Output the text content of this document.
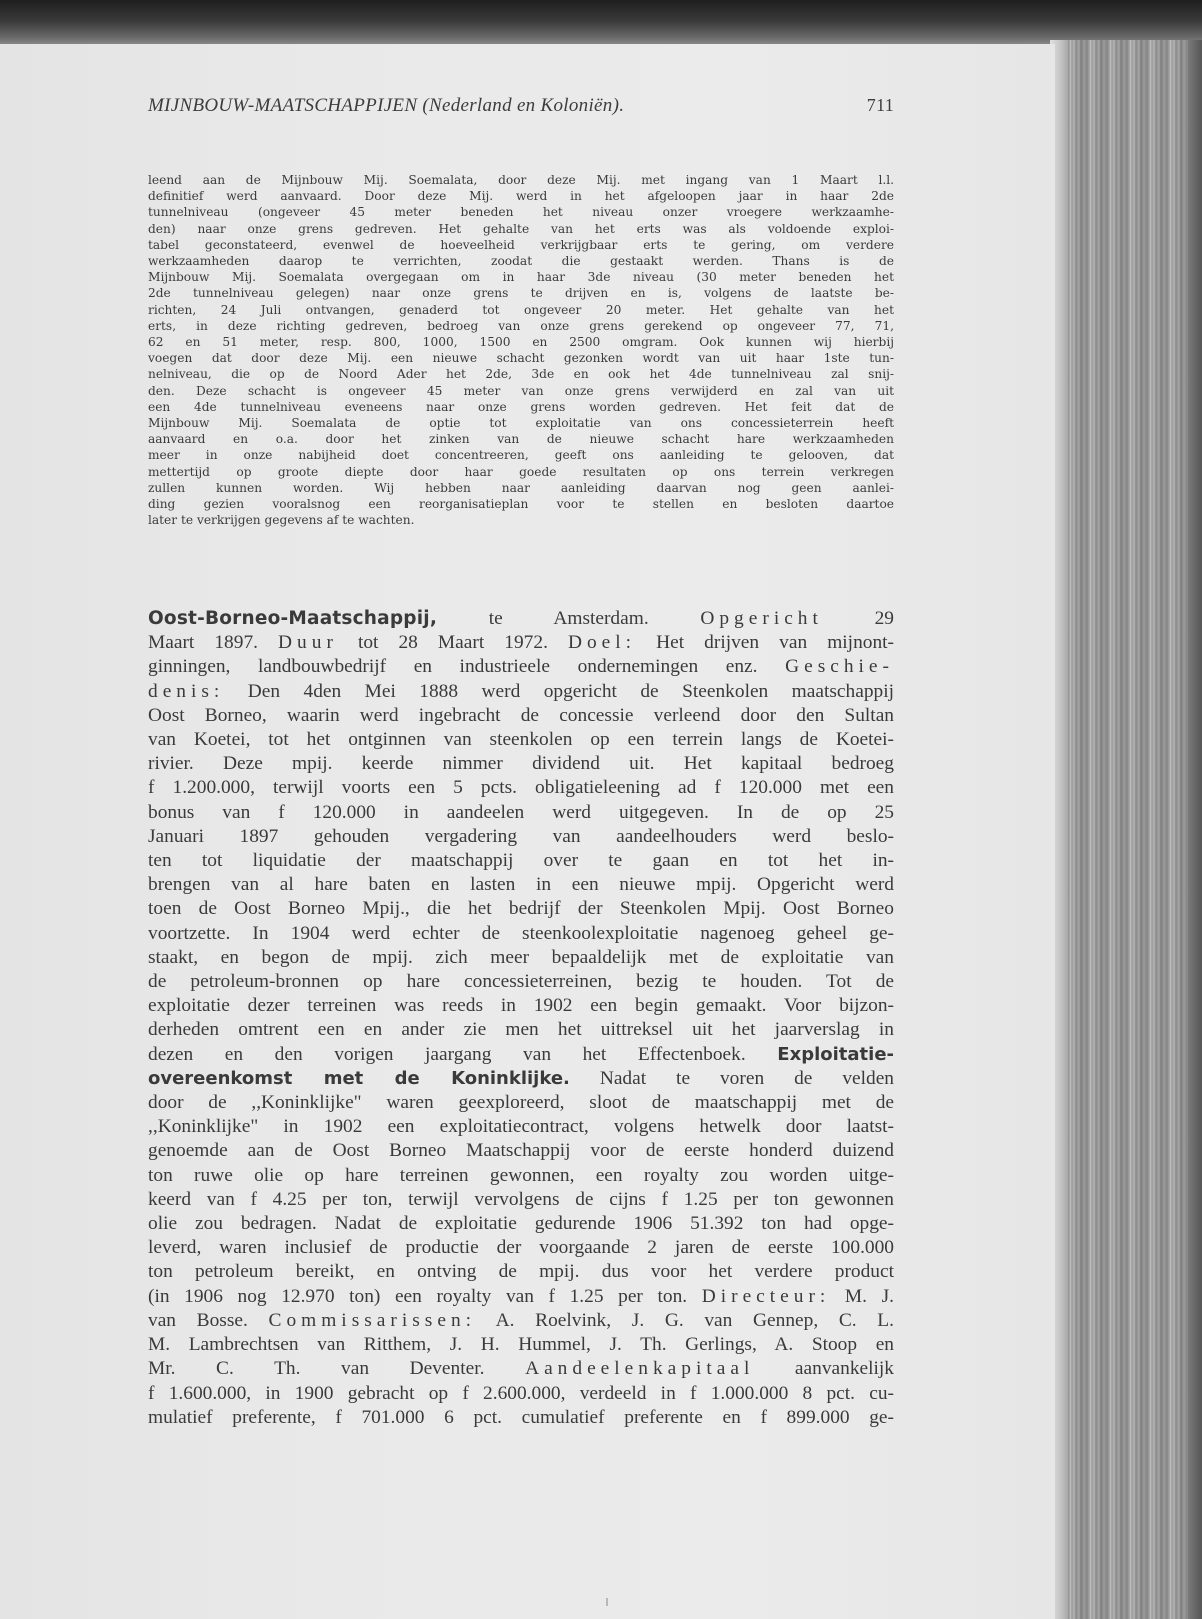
MIJNBOUW-MAATSCHAPPIJEN (Nederland en Koloniën).	711
leend aan de Mijnbouw Mij. Soemalata, door deze Mij. met ingang van 1 Maart l.l.
definitief werd aanvaard. Door deze Mij. werd in het afgeloopen jaar in haar 2de
tunnelniveau (ongeveer 45 meter beneden het niveau onzer vroegere werkzaamhe-
den) naar onze grens gedreven. Het gehalte van het erts was als voldoende exploi-
tabel geconstateerd, evenwel de hoeveelheid verkrijgbaar erts te gering, om verdere
werkzaamheden daarop te verrichten, zoodat die gestaakt werden. Thans is de
Mijnbouw Mij. Soemalata overgegaan om in haar 3de niveau (30 meter beneden het
2de tunnelniveau gelegen) naar onze grens te drijven en is, volgens de laatste be-
richten, 24 Juli ontvangen, genaderd tot ongeveer 20 meter. Het gehalte van het
erts, in deze richting gedreven, bedroeg van onze grens gerekend op ongeveer 77, 71,
62 en 51 meter, resp. 800, 1000, 1500 en 2500 omgram. Ook kunnen wij hierbij
voegen dat door deze Mij. een nieuwe schacht gezonken wordt van uit haar 1ste tun-
nelniveau, die op de Noord Ader het 2de, 3de en ook het 4de tunnelniveau zal snij-
den. Deze schacht is ongeveer 45 meter van onze grens verwijderd en zal van uit
een 4de tunnelniveau eveneens naar onze grens worden gedreven. Het feit dat de
Mijnbouw Mij. Soemalata de optie tot exploitatie van ons concessieterrein heeft
aanvaard en o.a. door het zinken van de nieuwe schacht hare werkzaamheden
meer in onze nabijheid doet concentreeren, geeft ons aanleiding te gelooven, dat
mettertijd op groote diepte door haar goede resultaten op ons terrein verkregen
zullen kunnen worden. Wij hebben naar aanleiding daarvan nog geen aanlei-
ding gezien vooralsnog een reorganisatieplan voor te stellen en besloten daartoe
later te verkrijgen gegevens af te wachten.
Oost-Borneo-Maatschappij, te Amsterdam. Opgericht 29
Maart 1897. Duur tot 28 Maart 1972. Doel: Het drijven van mijnont-
ginningen, landbouwbedrijf en industrieele ondernemingen enz. Geschie-
denis: Den 4den Mei 1888 werd opgericht de Steenkolen maatschappij
Oost Borneo, waarin werd ingebracht de concessie verleend door den Sultan
van Koetei, tot het ontginnen van steenkolen op een terrein langs de Koetei-
rivier. Deze mpij. keerde nimmer dividend uit. Het kapitaal bedroeg
f 1.200.000, terwijl voorts een 5 pcts. obligatieleening ad f 120.000 met een
bonus van f 120.000 in aandeelen werd uitgegeven. In de op 25
Januari 1897 gehouden vergadering van aandeelhouders werd beslo-
ten tot liquidatie der maatschappij over te gaan en tot het in-
brengen van al hare baten en lasten in een nieuwe mpij. Opgericht werd
toen de Oost Borneo Mpij., die het bedrijf der Steenkolen Mpij. Oost Borneo
voortzette. In 1904 werd echter de steenkoolexploitatie nagenoeg geheel ge-
staakt, en begon de mpij. zich meer bepaaldelijk met de exploitatie van
de petroleum-bronnen op hare concessieterreinen, bezig te houden. Tot de
exploitatie dezer terreinen was reeds in 1902 een begin gemaakt. Voor bijzon-
derheden omtrent een en ander zie men het uittreksel uit het jaarverslag in
dezen en den vorigen jaargang van het Effectenboek. Exploitatie-
overeenkomst met de Koninklijke. Nadat te voren de velden
door de ,,Koninklijke" waren geexploreerd, sloot de maatschappij met de
,,Koninklijke" in 1902 een exploitatiecontract, volgens hetwelk door laatst-
genoemde aan de Oost Borneo Maatschappij voor de eerste honderd duizend
ton ruwe olie op hare terreinen gewonnen, een royalty zou worden uitge-
keerd van f 4.25 per ton, terwijl vervolgens de cijns f 1.25 per ton gewonnen
olie zou bedragen. Nadat de exploitatie gedurende 1906 51.392 ton had opge-
leverd, waren inclusief de productie der voorgaande 2 jaren de eerste 100.000
ton petroleum bereikt, en ontving de mpij. dus voor het verdere product
(in 1906 nog 12.970 ton) een royalty van f 1.25 per ton. Directeur: M. J.
van Bosse. Commissarissen: A. Roelvink, J. G. van Gennep, C. L.
M. Lambrechtsen van Ritthem, J. H. Hummel, J. Th. Gerlings, A. Stoop en
Mr. C. Th. van Deventer. Aandeelenkapitaal aanvankelijk
f 1.600.000, in 1900 gebracht op f 2.600.000, verdeeld in f 1.000.000 8 pct. cu-
mulatief preferente, f 701.000 6 pct. cumulatief preferente en f 899.000 ge-
